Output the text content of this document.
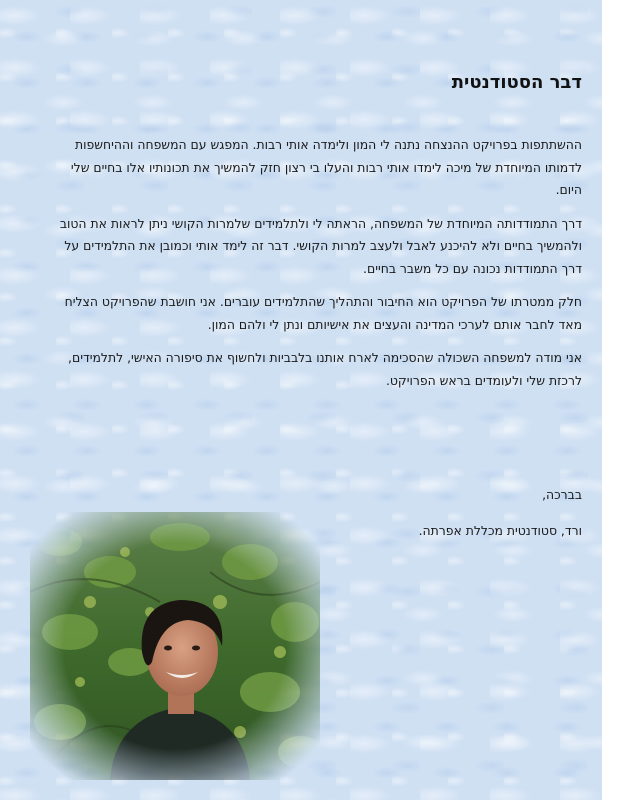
דבר הסטודנטית

ההשתתפות בפרויקט ההנצחה נתנה לי המון ולימדה אותי רבות. המפגש עם המשפחה וההיחשפות לדמותו המיוחדת של מיכה לימדו אותי רבות והעלו בי רצון חזק להמשיך את תכונותיו אלו בחיים שלי היום.

דרך התמודדותה המיוחדת של המשפחה, הראתה לי ולתלמידים שלמרות הקושי ניתן לראות את הטוב ולהמשיך בחיים ולא להיכנע לאבל ולעצב למרות הקושי. דבר זה לימד אותי וכמובן את התלמידים על דרך התמודדות נכונה עם כל משבר בחיים.

חלק ממטרתו של הפרויקט הוא החיבור והתהליך שהתלמידים עוברים. אני חושבת שהפרויקט הצליח מאד לחבר אותם לערכי המדינה והעצים את אישיותם ונתן לי ולהם המון.

אני מודה למשפחה השכולה שהסכימה לארח אותנו בלבביות ולחשוף את סיפורה האישי, לתלמידים, לרכזת שלי ולעומדים בראש הפרויקט.

בברכה,
ורד, סטודנטית מכללת אפרתה.
